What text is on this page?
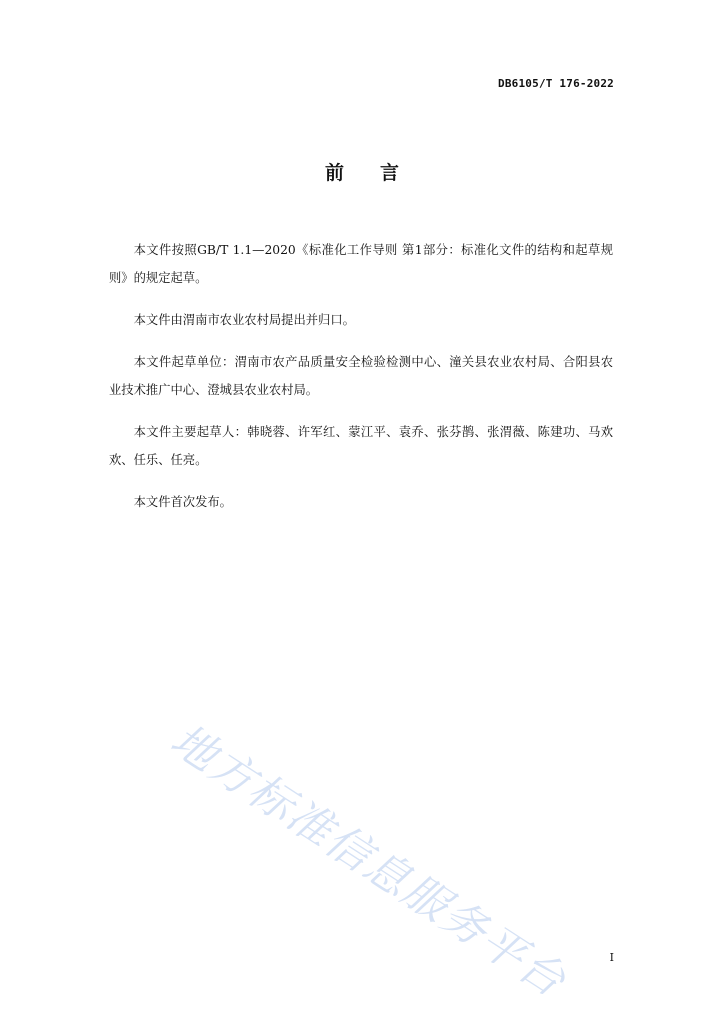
DB6105/T 176-2022
前 言

本文件按照GB/T 1.1—2020《标准化工作导则 第1部分：标准化文件的结构和起草规则》的规定起草。

本文件由渭南市农业农村局提出并归口。

本文件起草单位：渭南市农产品质量安全检验检测中心、潼关县农业农村局、合阳县农业技术推广中心、澄城县农业农村局。

本文件主要起草人：韩晓蓉、许军红、蒙江平、袁乔、张芬鹊、张渭薇、陈建功、马欢欢、任乐、任亮。

本文件首次发布。

地方标准信息服务平台	I
